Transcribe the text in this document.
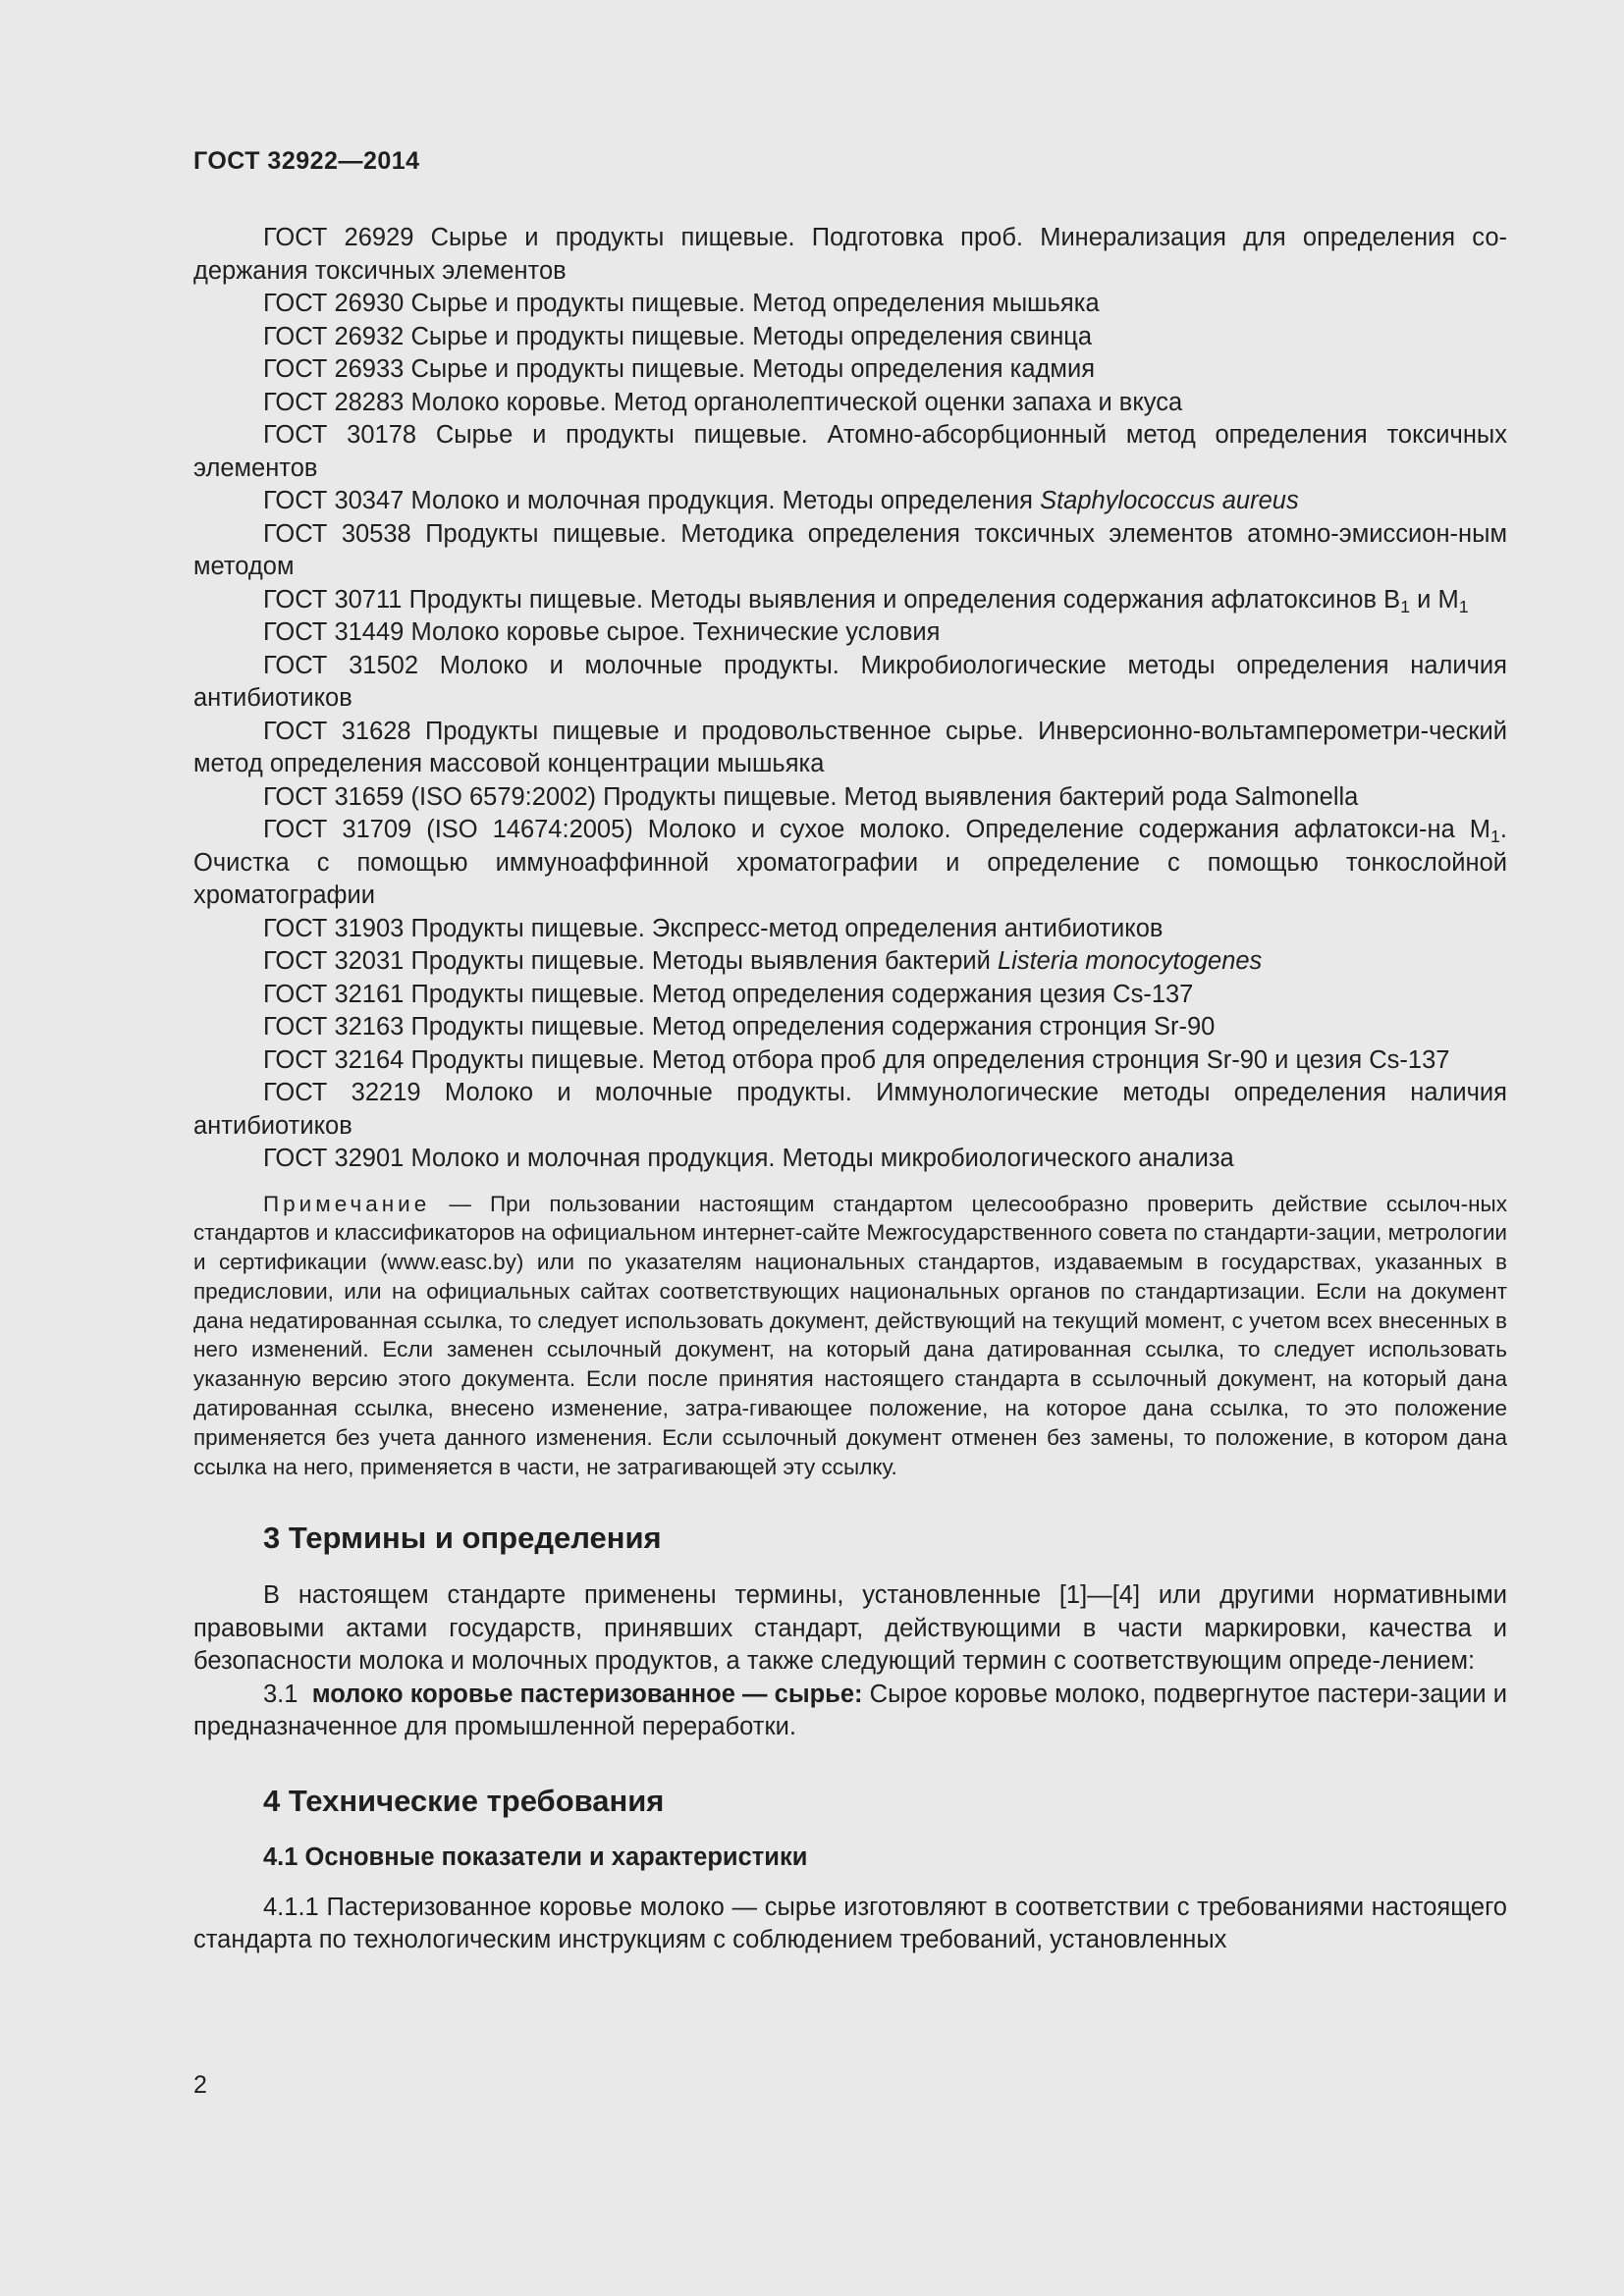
ГОСТ 32922—2014

ГОСТ 26929 Сырье и продукты пищевые. Подготовка проб. Минерализация для определения со-держания токсичных элементов

ГОСТ 26930 Сырье и продукты пищевые. Метод определения мышьяка

ГОСТ 26932 Сырье и продукты пищевые. Методы определения свинца

ГОСТ 26933 Сырье и продукты пищевые. Методы определения кадмия

ГОСТ 28283 Молоко коровье. Метод органолептической оценки запаха и вкуса

ГОСТ 30178 Сырье и продукты пищевые. Атомно-абсорбционный метод определения токсичных элементов

ГОСТ 30347 Молоко и молочная продукция. Методы определения Staphylococcus aureus

ГОСТ 30538 Продукты пищевые. Методика определения токсичных элементов атомно-эмиссион-ным методом

ГОСТ 30711 Продукты пищевые. Методы выявления и определения содержания афлатоксинов $B_1$ и $M_1$

ГОСТ 31449 Молоко коровье сырое. Технические условия

ГОСТ 31502 Молоко и молочные продукты. Микробиологические методы определения наличия антибиотиков

ГОСТ 31628 Продукты пищевые и продовольственное сырье. Инверсионно-вольтамперометри-ческий метод определения массовой концентрации мышьяка

ГОСТ 31659 (ISO 6579:2002) Продукты пищевые. Метод выявления бактерий рода Salmonella

ГОСТ 31709 (ISO 14674:2005) Молоко и сухое молоко. Определение содержания афлатокси-на $M_1$. Очистка с помощью иммуноаффинной хроматографии и определение с помощью тонкослойной хроматографии

ГОСТ 31903 Продукты пищевые. Экспресс-метод определения антибиотиков

ГОСТ 32031 Продукты пищевые. Методы выявления бактерий Listeria monocytogenes

ГОСТ 32161 Продукты пищевые. Метод определения содержания цезия Cs-137

ГОСТ 32163 Продукты пищевые. Метод определения содержания стронция Sr-90

ГОСТ 32164 Продукты пищевые. Метод отбора проб для определения стронция Sr-90 и цезия Cs-137

ГОСТ 32219 Молоко и молочные продукты. Иммунологические методы определения наличия антибиотиков

ГОСТ 32901 Молоко и молочная продукция. Методы микробиологического анализа

Примечание — При пользовании настоящим стандартом целесообразно проверить действие ссылоч-ных стандартов и классификаторов на официальном интернет-сайте Межгосударственного совета по стандарти-зации, метрологии и сертификации (www.easc.by) или по указателям национальных стандартов, издаваемым в государствах, указанных в предисловии, или на официальных сайтах соответствующих национальных органов по стандартизации. Если на документ дана недатированная ссылка, то следует использовать документ, действующий на текущий момент, с учетом всех внесенных в него изменений. Если заменен ссылочный документ, на который дана датированная ссылка, то следует использовать указанную версию этого документа. Если после принятия настоящего стандарта в ссылочный документ, на который дана датированная ссылка, внесено изменение, затра-гивающее положение, на которое дана ссылка, то это положение применяется без учета данного изменения. Если ссылочный документ отменен без замены, то положение, в котором дана ссылка на него, применяется в части, не затрагивающей эту ссылку.

3 Термины и определения

В настоящем стандарте применены термины, установленные [1]—[4] или другими нормативными правовыми актами государств, принявших стандарт, действующими в части маркировки, качества и безопасности молока и молочных продуктов, а также следующий термин с соответствующим опреде-лением:

3.1 молоко коровье пастеризованное — сырье: Сырое коровье молоко, подвергнутое пастери-зации и предназначенное для промышленной переработки.

4 Технические требования
4.1 Основные показатели и характеристики

4.1.1 Пастеризованное коровье молоко — сырье изготовляют в соответствии с требованиями настоящего стандарта по технологическим инструкциям с соблюдением требований, установленных

2
